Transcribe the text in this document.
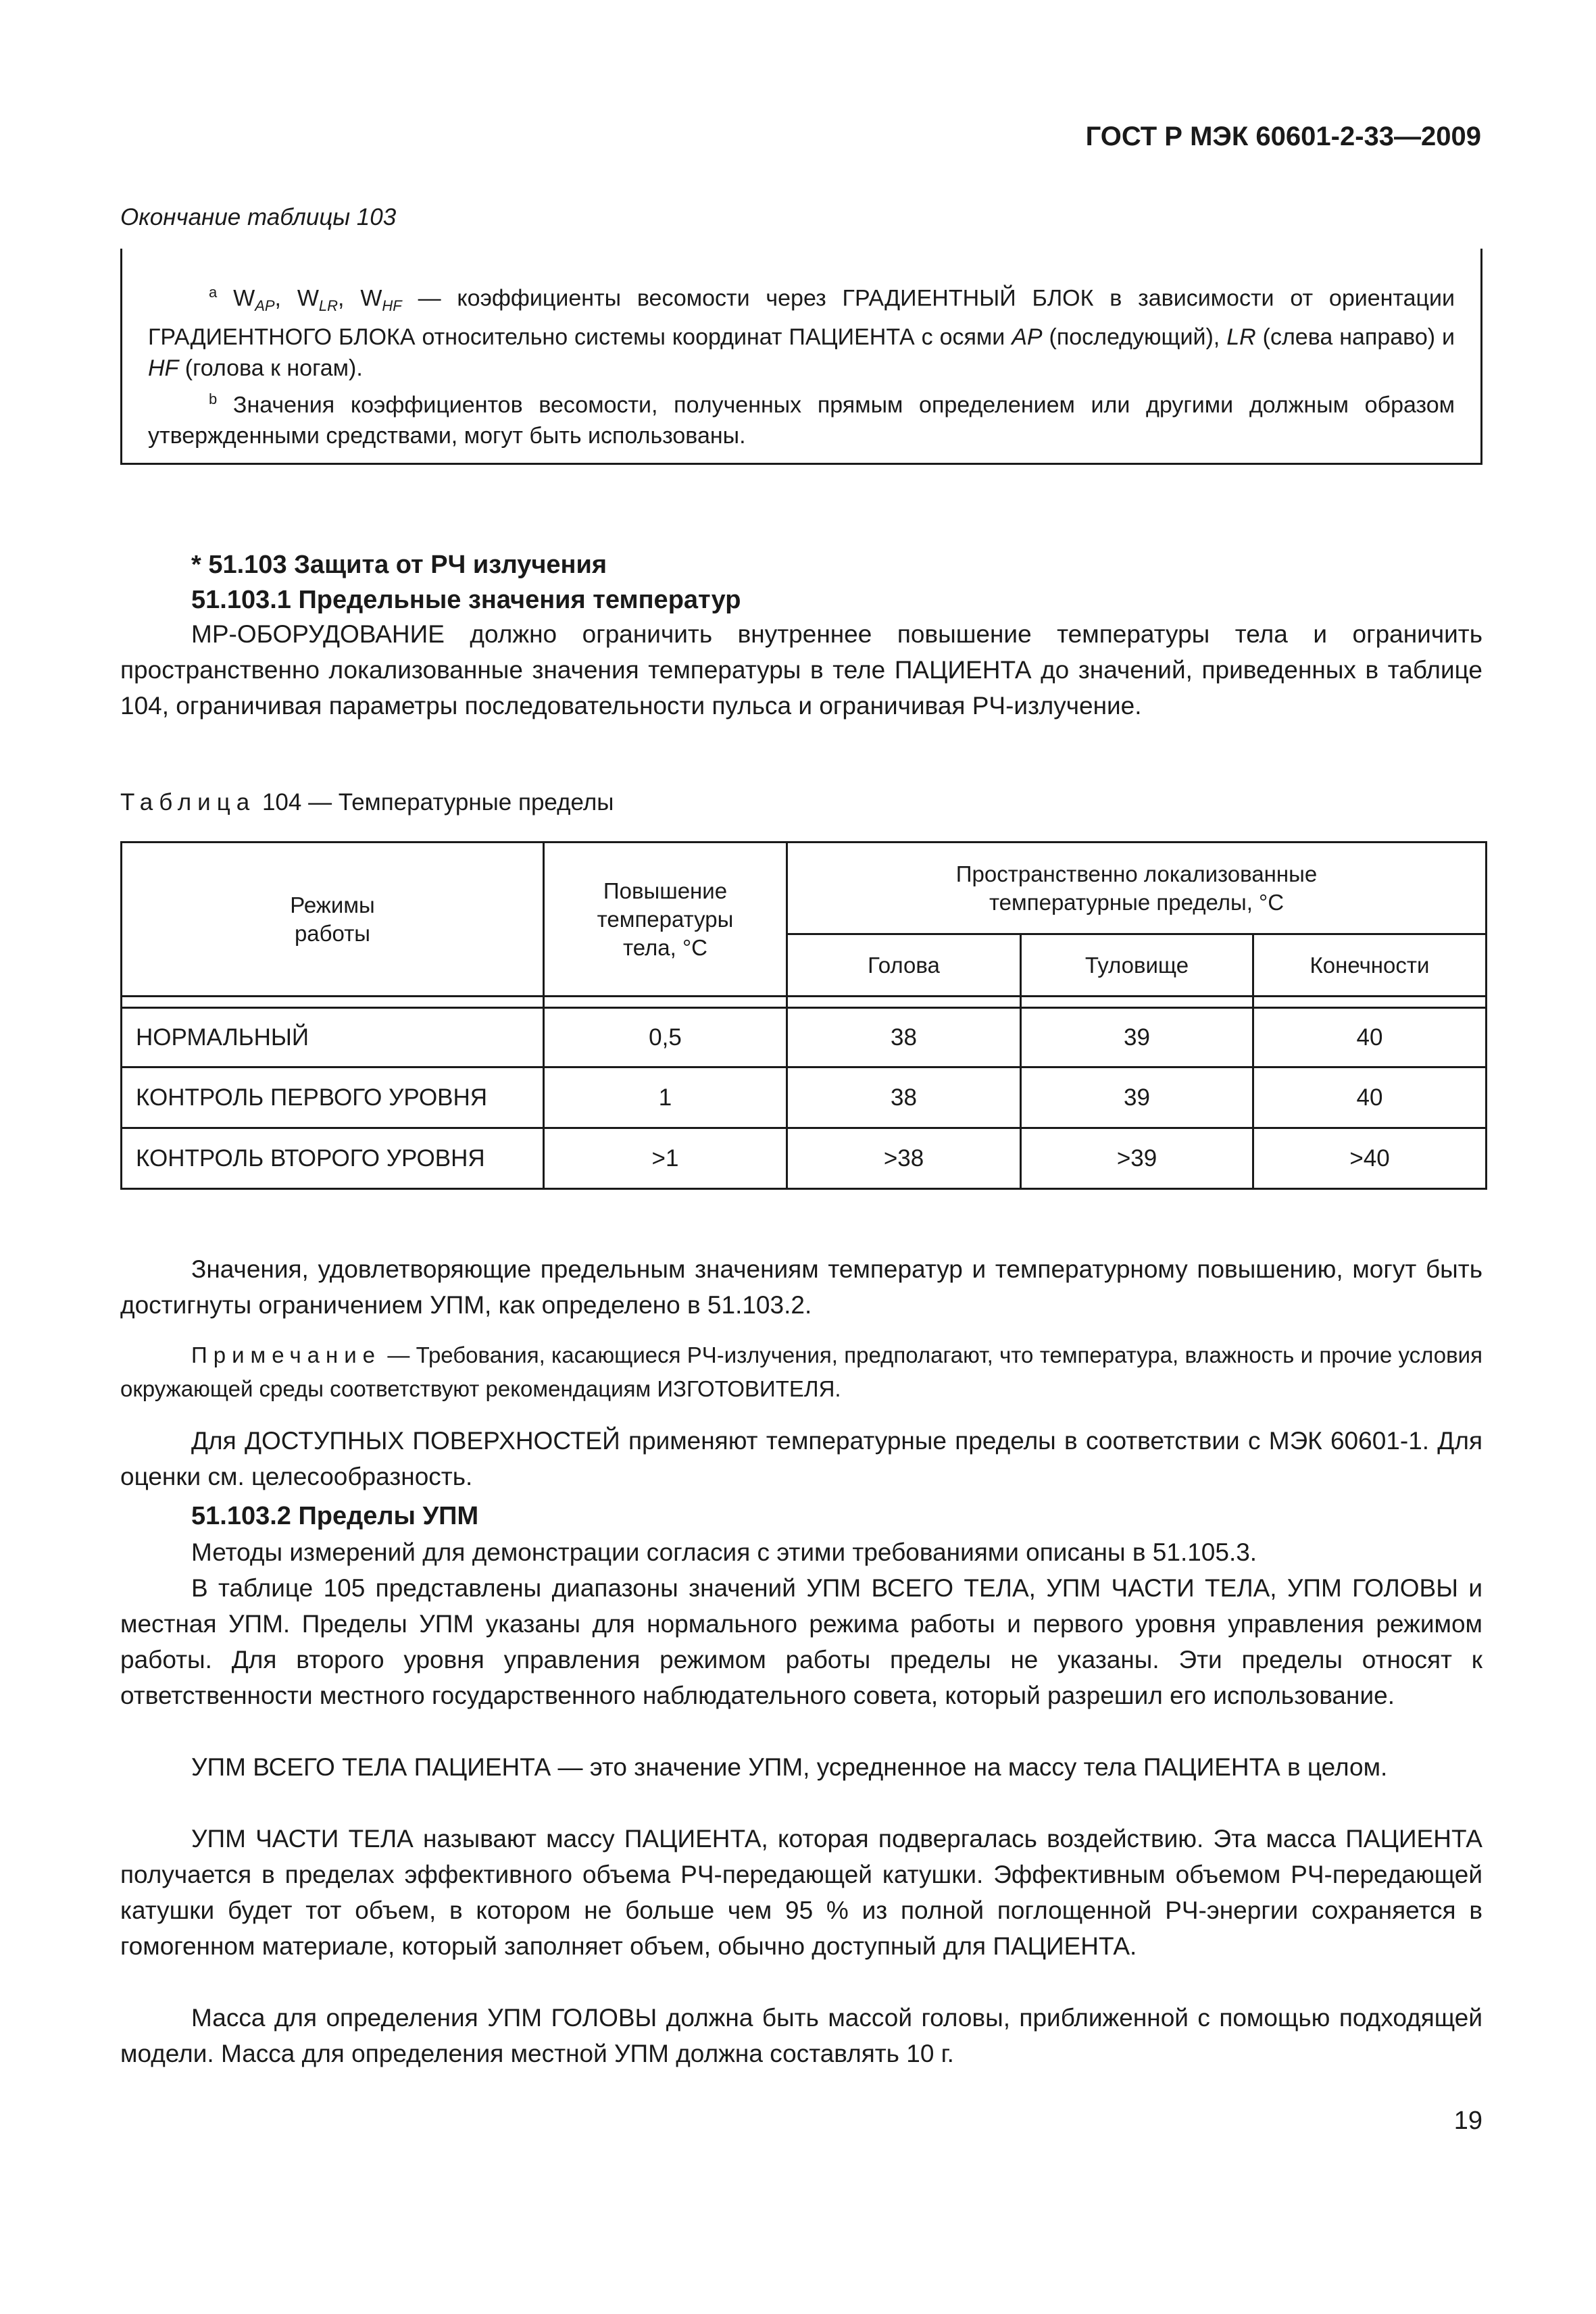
ГОСТ Р МЭК 60601-2-33—2009
Окончание таблицы 103

$^a$ $W_{AP}$, $W_{LR}$, $W_{HF}$ — коэффициенты весомости через ГРАДИЕНТНЫЙ БЛОК в зависимости от ориентации ГРАДИЕНТНОГО БЛОКА относительно системы координат ПАЦИЕНТА с осями AP (последующий), LR (слева направо) и HF (голова к ногам).

$^b$ Значения коэффициентов весомости, полученных прямым определением или другими должным образом утвержденными средствами, могут быть использованы.

* 51.103 Защита от РЧ излучения
51.103.1 Предельные значения температур

МР-ОБОРУДОВАНИЕ должно ограничить внутреннее повышение температуры тела и ограничить пространственно локализованные значения температуры в теле ПАЦИЕНТА до значений, приведенных в таблице 104, ограничивая параметры последовательности пульса и ограничивая РЧ-излучение.

Таблица 104 — Температурные пределы
Режимы работы	Повышение температуры тела, °С	Пространственно локализованные температурные пределы, °С		
		Голова	Туловище	Конечности

НОРМАЛЬНЫЙ	0,5	38	39	40
КОНТРОЛЬ ПЕРВОГО УРОВНЯ	1	38	39	40
КОНТРОЛЬ ВТОРОГО УРОВНЯ	>1	>38	>39	>40

Значения, удовлетворяющие предельным значениям температур и температурному повышению, могут быть достигнуты ограничением УПМ, как определено в 51.103.2.

Примечание — Требования, касающиеся РЧ-излучения, предполагают, что температура, влажность и прочие условия окружающей среды соответствуют рекомендациям ИЗГОТОВИТЕЛЯ.

Для ДОСТУПНЫХ ПОВЕРХНОСТЕЙ применяют температурные пределы в соответствии с МЭК 60601-1. Для оценки см. целесообразность.

51.103.2 Пределы УПМ

Методы измерений для демонстрации согласия с этими требованиями описаны в 51.105.3.

В таблице 105 представлены диапазоны значений УПМ ВСЕГО ТЕЛА, УПМ ЧАСТИ ТЕЛА, УПМ ГОЛОВЫ и местная УПМ. Пределы УПМ указаны для нормального режима работы и первого уровня управления режимом работы. Для второго уровня управления режимом работы пределы не указаны. Эти пределы относят к ответственности местного государственного наблюдательного совета, который разрешил его использование.

УПМ ВСЕГО ТЕЛА ПАЦИЕНТА — это значение УПМ, усредненное на массу тела ПАЦИЕНТА в целом.

УПМ ЧАСТИ ТЕЛА называют массу ПАЦИЕНТА, которая подвергалась воздействию. Эта масса ПАЦИЕНТА получается в пределах эффективного объема РЧ-передающей катушки. Эффективным объемом РЧ-передающей катушки будет тот объем, в котором не больше чем 95 % из полной поглощенной РЧ-энергии сохраняется в гомогенном материале, который заполняет объем, обычно доступный для ПАЦИЕНТА.

Масса для определения УПМ ГОЛОВЫ должна быть массой головы, приближенной с помощью подходящей модели. Масса для определения местной УПМ должна составлять 10 г.

19
